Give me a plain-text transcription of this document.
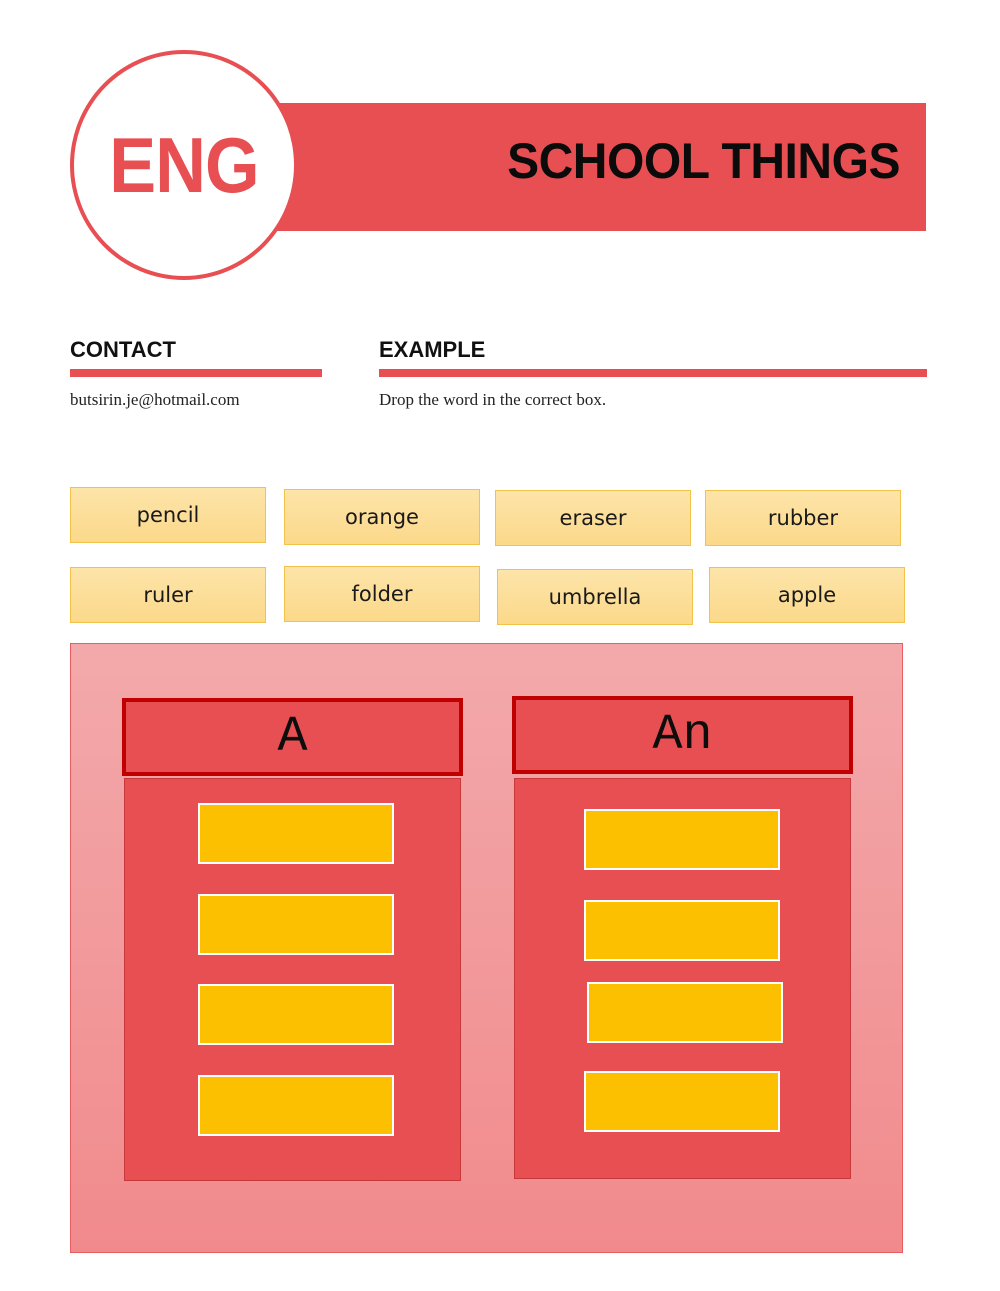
SCHOOL THINGS
ENG
CONTACT
butsirin.je@hotmail.com
EXAMPLE
Drop the word in the correct box.
pencil	orange	eraser	rubber
ruler	folder	umbrella	apple
A	An
